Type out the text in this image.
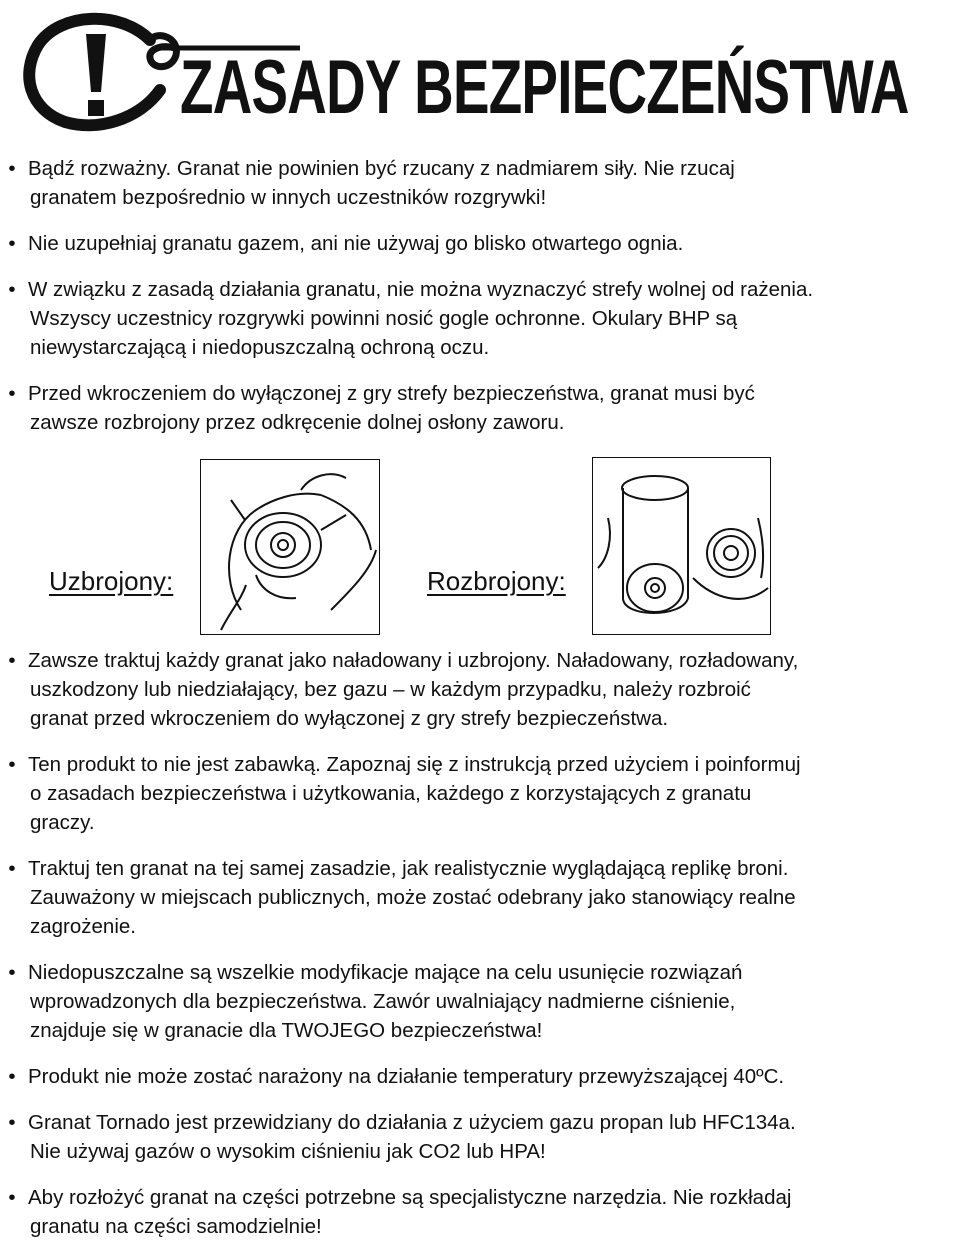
ZASADY BEZPIECZEŃSTWA
• Bądź rozważny. Granat nie powinien być rzucany z nadmiarem siły. Nie rzucaj
granatem bezpośrednio w innych uczestników rozgrywki!
• Nie uzupełniaj granatu gazem, ani nie używaj go blisko otwartego ognia.
• W związku z zasadą działania granatu, nie można wyznaczyć strefy wolnej od rażenia.
Wszyscy uczestnicy rozgrywki powinni nosić gogle ochronne. Okulary BHP są
niewystarczającą i niedopuszczalną ochroną oczu.
• Przed wkroczeniem do wyłączonej z gry strefy bezpieczeństwa, granat musi być
zawsze rozbrojony przez odkręcenie dolnej osłony zaworu.
Uzbrojony:	Rozbrojony:
• Zawsze traktuj każdy granat jako naładowany i uzbrojony. Naładowany, rozładowany,
uszkodzony lub niedziałający, bez gazu – w każdym przypadku, należy rozbroić
granat przed wkroczeniem do wyłączonej z gry strefy bezpieczeństwa.
• Ten produkt to nie jest zabawką. Zapoznaj się z instrukcją przed użyciem i poinformuj
o zasadach bezpieczeństwa i użytkowania, każdego z korzystających z granatu
graczy.
• Traktuj ten granat na tej samej zasadzie, jak realistycznie wyglądającą replikę broni.
Zauważony w miejscach publicznych, może zostać odebrany jako stanowiący realne
zagrożenie.
• Niedopuszczalne są wszelkie modyfikacje mające na celu usunięcie rozwiązań
wprowadzonych dla bezpieczeństwa. Zawór uwalniający nadmierne ciśnienie,
znajduje się w granacie dla TWOJEGO bezpieczeństwa!
• Produkt nie może zostać narażony na działanie temperatury przewyższającej 40ºC.
• Granat Tornado jest przewidziany do działania z użyciem gazu propan lub HFC134a.
Nie używaj gazów o wysokim ciśnieniu jak CO2 lub HPA!
• Aby rozłożyć granat na części potrzebne są specjalistyczne narzędzia. Nie rozkładaj
granatu na części samodzielnie!
